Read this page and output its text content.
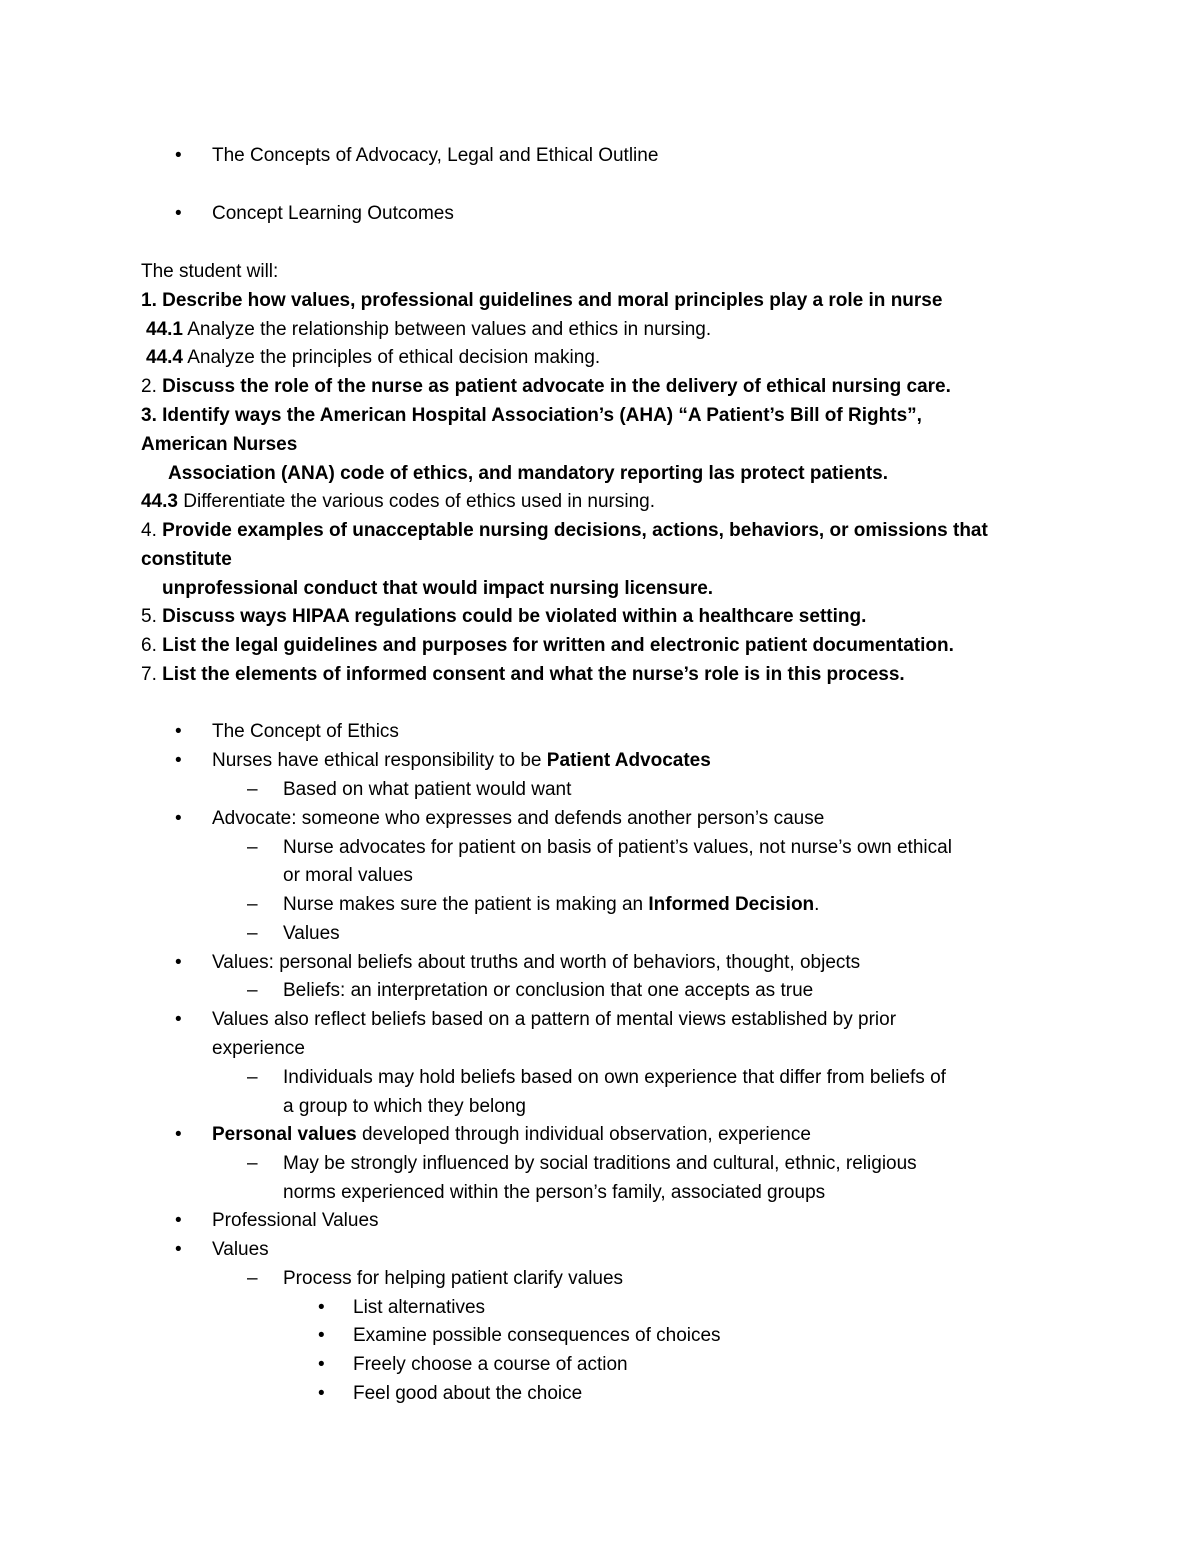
• The Concepts of Advocacy, Legal and Ethical Outline
• Concept Learning Outcomes
The student will:
1. Describe how values, professional guidelines and moral principles play a role in nurse
44.1 Analyze the relationship between values and ethics in nursing.
44.4 Analyze the principles of ethical decision making.
2. Discuss the role of the nurse as patient advocate in the delivery of ethical nursing care.
3. Identify ways the American Hospital Association’s (AHA) “A Patient’s Bill of Rights”,
American Nurses
Association (ANA) code of ethics, and mandatory reporting las protect patients.
44.3 Differentiate the various codes of ethics used in nursing.
4. Provide examples of unacceptable nursing decisions, actions, behaviors, or omissions that
constitute
unprofessional conduct that would impact nursing licensure.
5. Discuss ways HIPAA regulations could be violated within a healthcare setting.
6. List the legal guidelines and purposes for written and electronic patient documentation.
7. List the elements of informed consent and what the nurse’s role is in this process.
• The Concept of Ethics
• Nurses have ethical responsibility to be Patient Advocates
– Based on what patient would want
• Advocate: someone who expresses and defends another person’s cause
– Nurse advocates for patient on basis of patient’s values, not nurse’s own ethical
or moral values
– Nurse makes sure the patient is making an Informed Decision.
– Values
• Values: personal beliefs about truths and worth of behaviors, thought, objects
– Beliefs: an interpretation or conclusion that one accepts as true
• Values also reflect beliefs based on a pattern of mental views established by prior
experience
– Individuals may hold beliefs based on own experience that differ from beliefs of
a group to which they belong
• Personal values developed through individual observation, experience
– May be strongly influenced by social traditions and cultural, ethnic, religious
norms experienced within the person’s family, associated groups
• Professional Values
• Values
– Process for helping patient clarify values
• List alternatives
• Examine possible consequences of choices
• Freely choose a course of action
• Feel good about the choice
